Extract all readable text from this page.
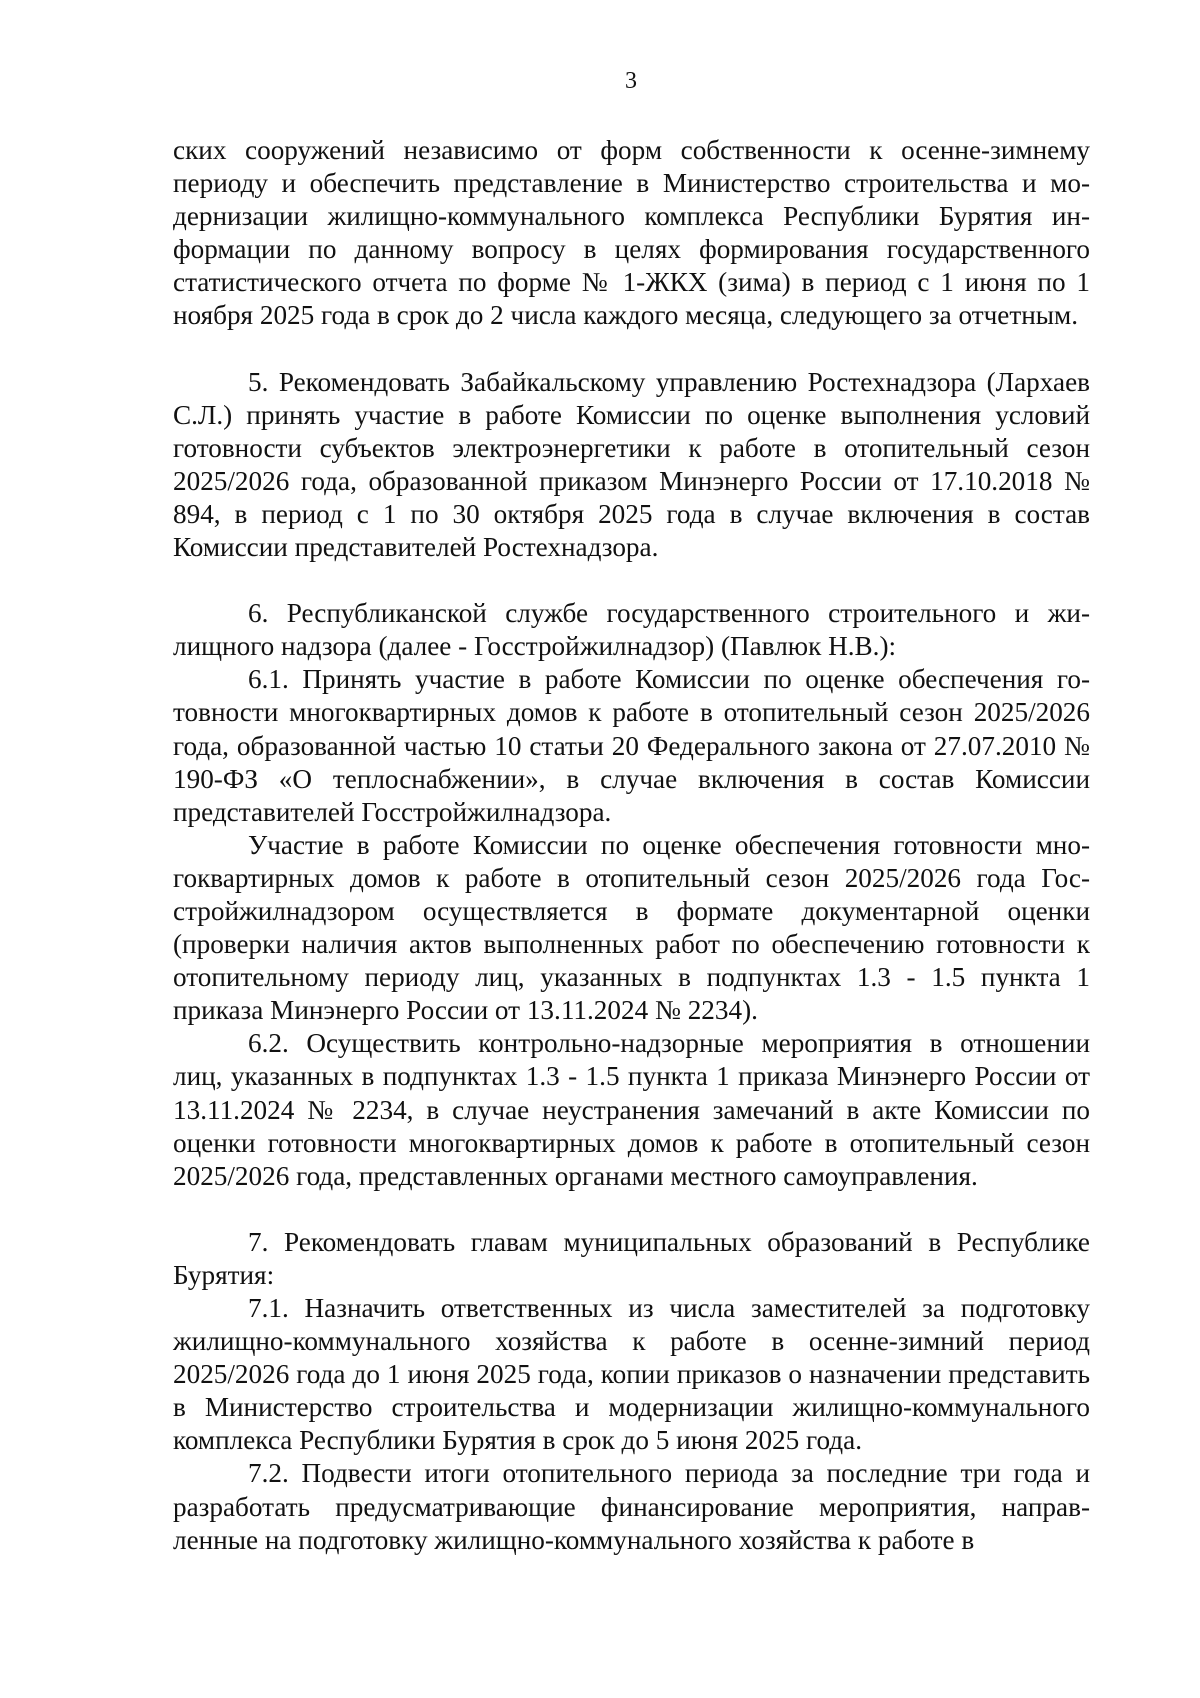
3

ских сооружений независимо от форм собственности к осенне-зимнему периоду и обеспечить представление в Министерство строительства и модернизации жилищно-коммунального комплекса Республики Бурятия информации по данному вопросу в целях формирования государственного статистического отчета по форме № 1-ЖКХ (зима) в период с 1 июня по 1 ноября 2025 года в срок до 2 числа каждого месяца, следующего за отчетным.

5. Рекомендовать Забайкальскому управлению Ростехнадзора (Лархаев С.Л.) принять участие в работе Комиссии по оценке выполнения условий готовности субъектов электроэнергетики к работе в отопительный сезон 2025/2026 года, образованной приказом Минэнерго России от 17.10.2018 № 894, в период с 1 по 30 октября 2025 года в случае включения в состав Комиссии представителей Ростехнадзора.

6. Республиканской службе государственного строительного и жилищного надзора (далее - Госстройжилнадзор) (Павлюк Н.В.):

6.1. Принять участие в работе Комиссии по оценке обеспечения готовности многоквартирных домов к работе в отопительный сезон 2025/2026 года, образованной частью 10 статьи 20 Федерального закона от 27.07.2010 № 190-ФЗ «О теплоснабжении», в случае включения в состав Комиссии представителей Госстройжилнадзора.

Участие в работе Комиссии по оценке обеспечения готовности многоквартирных домов к работе в отопительный сезон 2025/2026 года Госстройжилнадзором осуществляется в формате документарной оценки (проверки наличия актов выполненных работ по обеспечению готовности к отопительному периоду лиц, указанных в подпунктах 1.3 - 1.5 пункта 1 приказа Минэнерго России от 13.11.2024 № 2234).

6.2. Осуществить контрольно-надзорные мероприятия в отношении лиц, указанных в подпунктах 1.3 - 1.5 пункта 1 приказа Минэнерго России от 13.11.2024 № 2234, в случае неустранения замечаний в акте Комиссии по оценки готовности многоквартирных домов к работе в отопительный сезон 2025/2026 года, представленных органами местного самоуправления.

7. Рекомендовать главам муниципальных образований в Республике Бурятия:

7.1. Назначить ответственных из числа заместителей за подготовку жилищно-коммунального хозяйства к работе в осенне-зимний период 2025/2026 года до 1 июня 2025 года, копии приказов о назначении представить в Министерство строительства и модернизации жилищно-коммунального комплекса Республики Бурятия в срок до 5 июня 2025 года.

7.2. Подвести итоги отопительного периода за последние три года и разработать предусматривающие финансирование мероприятия, направленные на подготовку жилищно-коммунального хозяйства к работе в
